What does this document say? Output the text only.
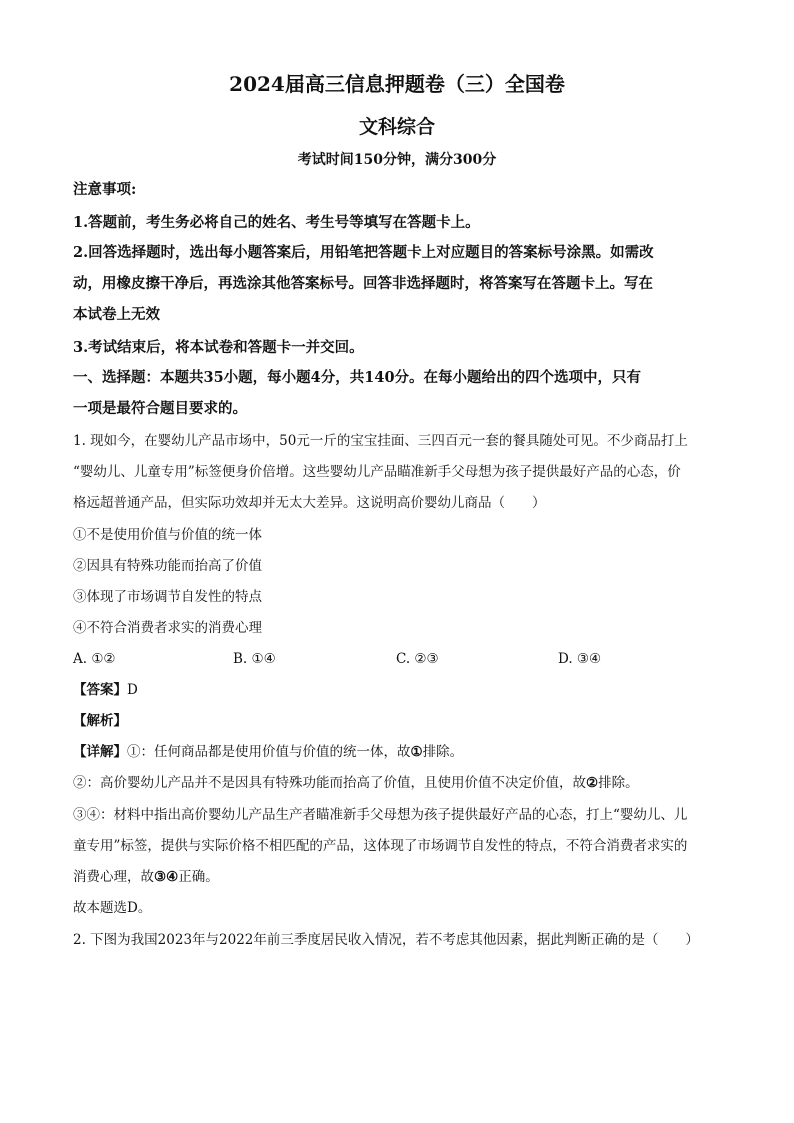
2024届高三信息押题卷（三）全国卷
文科综合
考试时间150分钟，满分300分
注意事项:
1.答题前，考生务必将自己的姓名、考生号等填写在答题卡上。
2.回答选择题时，选出每小题答案后，用铅笔把答题卡上对应题目的答案标号涂黑。如需改
动，用橡皮擦干净后，再选涂其他答案标号。回答非选择题时，将答案写在答题卡上。写在
本试卷上无效
3.考试结束后，将本试卷和答题卡一并交回。
一、选择题：本题共35小题，每小题4分，共140分。在每小题给出的四个选项中，只有
一项是最符合题目要求的。
1. 现如今，在婴幼儿产品市场中，50元一斤的宝宝挂面、三四百元一套的餐具随处可见。不少商品打上
“婴幼儿、儿童专用”标签便身价倍增。这些婴幼儿产品瞄准新手父母想为孩子提供最好产品的心态，价
格远超普通产品，但实际功效却并无太大差异。这说明高价婴幼儿商品（　　）
①不是使用价值与价值的统一体
②因具有特殊功能而抬高了价值
③体现了市场调节自发性的特点
④不符合消费者求实的消费心理
A. ①②	B. ①④	C. ②③	D. ③④
【答案】D
【解析】
【详解】①：任何商品都是使用价值与价值的统一体，故①排除。
②：高价婴幼儿产品并不是因具有特殊功能而抬高了价值，且使用价值不决定价值，故②排除。
③④：材料中指出高价婴幼儿产品生产者瞄准新手父母想为孩子提供最好产品的心态，打上“婴幼儿、儿
童专用”标签，提供与实际价格不相匹配的产品，这体现了市场调节自发性的特点，不符合消费者求实的
消费心理，故③④正确。
故本题选D。
2. 下图为我国2023年与2022年前三季度居民收入情况，若不考虑其他因素，据此判断正确的是（　　）
